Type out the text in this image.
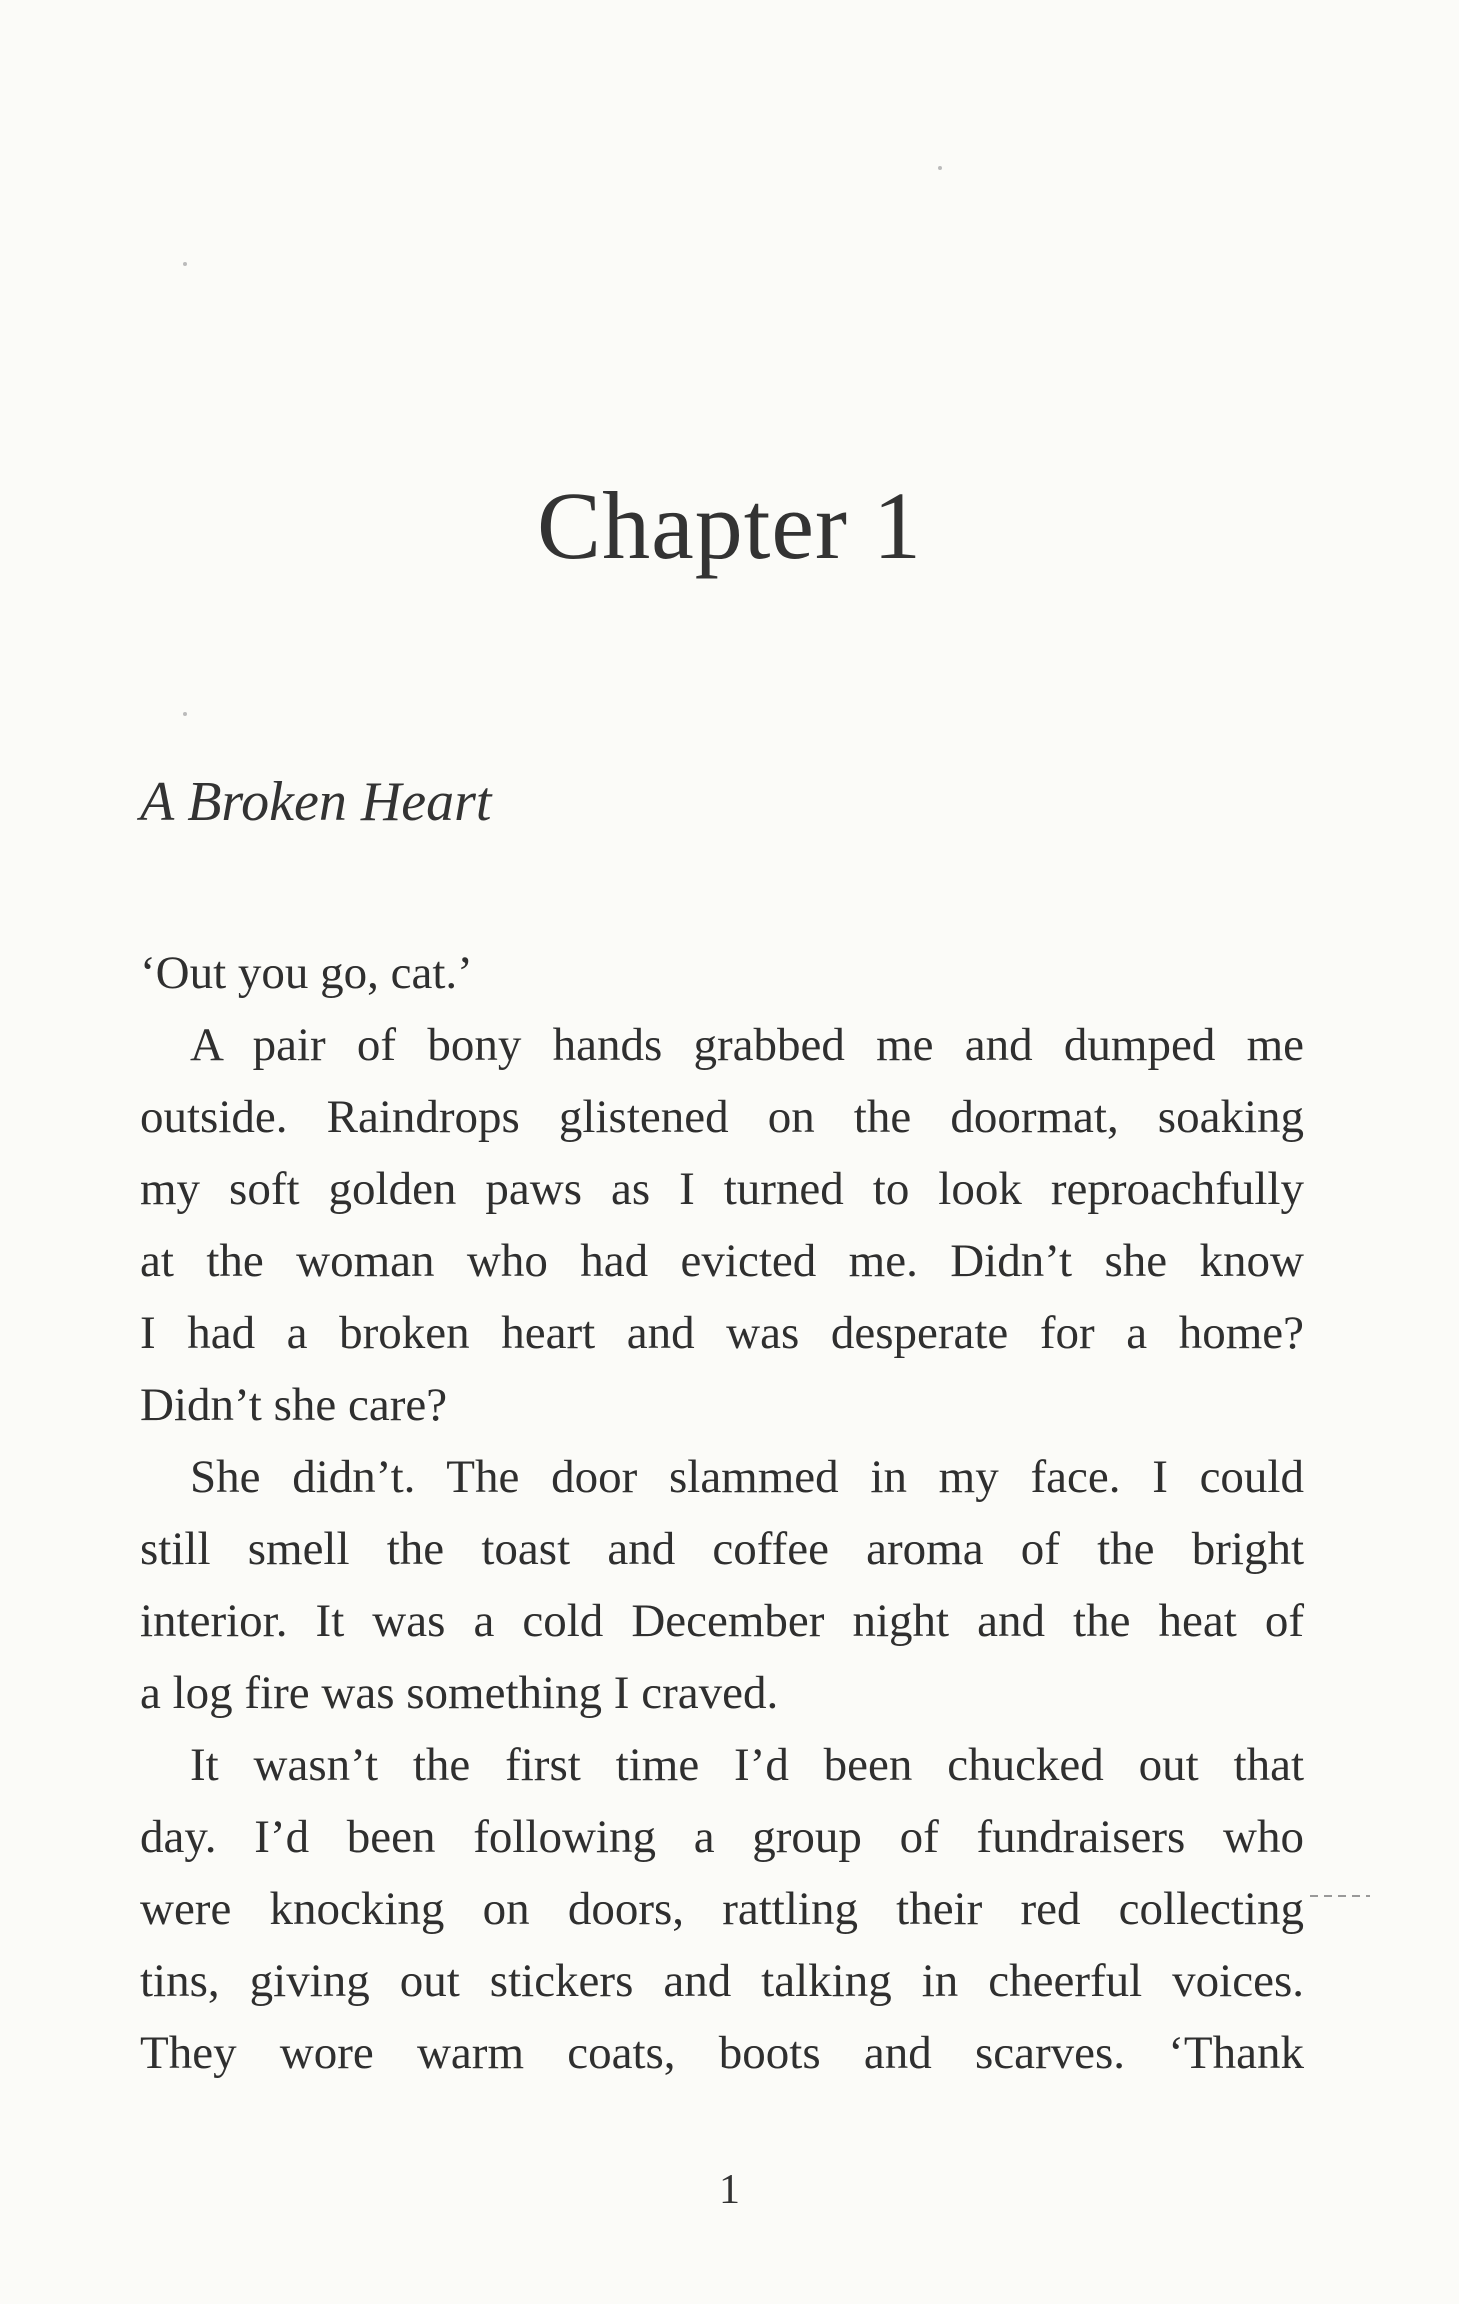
Chapter 1
A Broken Heart
‘Out you go, cat.’
A pair of bony hands grabbed me and dumped me
outside. Raindrops glistened on the doormat, soaking
my soft golden paws as I turned to look reproachfully
at the woman who had evicted me. Didn’t she know
I had a broken heart and was desperate for a home?
Didn’t she care?
She didn’t. The door slammed in my face. I could
still smell the toast and coffee aroma of the bright
interior. It was a cold December night and the heat of
a log fire was something I craved.
It wasn’t the first time I’d been chucked out that
day. I’d been following a group of fundraisers who
were knocking on doors, rattling their red collecting
tins, giving out stickers and talking in cheerful voices.
They wore warm coats, boots and scarves. ‘Thank
1
